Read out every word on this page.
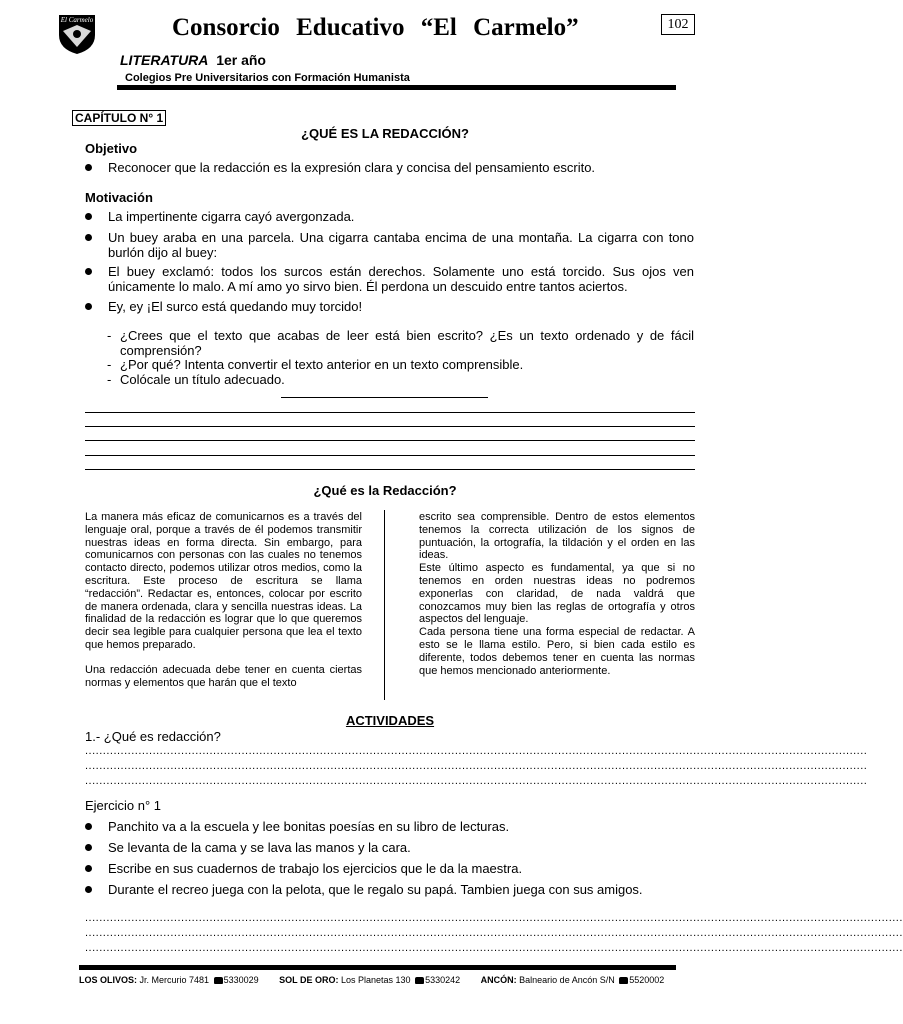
El Carmelo	Consorcio Educativo “El Carmelo”	102
LITERATURA 1er año
Colegios Pre Universitarios con Formación Humanista
CAPÍTULO N° 1
¿QUÉ ES LA REDACCIÓN?
Objetivo
Reconocer que la redacción es la expresión clara y concisa del pensamiento escrito.
Motivación
La impertinente cigarra cayó avergonzada.
Un buey araba en una parcela. Una cigarra cantaba encima de una montaña. La cigarra con tono burlón dijo al buey:
El buey exclamó: todos los surcos están derechos. Solamente uno está torcido. Sus ojos ven únicamente lo malo. A mí amo yo sirvo bien. Él perdona un descuido entre tantos aciertos.
Ey, ey ¡El surco está quedando muy torcido!
- ¿Crees que el texto que acabas de leer está bien escrito? ¿Es un texto ordenado y de fácil comprensión?
- ¿Por qué? Intenta convertir el texto anterior en un texto comprensible.
- Colócale un título adecuado.
¿Qué es la Redacción?

La manera más eficaz de comunicarnos es a través del lenguaje oral, porque a través de él podemos transmitir nuestras ideas en forma directa. Sin embargo, para comunicarnos con personas con las cuales no tenemos contacto directo, podemos utilizar otros medios, como la escritura. Este proceso de escritura se llama “redacción”. Redactar es, entonces, colocar por escrito de manera ordenada, clara y sencilla nuestras ideas. La finalidad de la redacción es lograr que lo que queremos decir sea legible para cualquier persona que lea el texto que hemos preparado.

Una redacción adecuada debe tener en cuenta ciertas normas y elementos que harán que el texto

escrito sea comprensible. Dentro de estos elementos tenemos la correcta utilización de los signos de puntuación, la ortografía, la tildación y el orden en las ideas.

Este último aspecto es fundamental, ya que si no tenemos en orden nuestras ideas no podremos exponerlas con claridad, de nada valdrá que conozcamos muy bien las reglas de ortografía y otros aspectos del lenguaje.

Cada persona tiene una forma especial de redactar. A esto se le llama estilo. Pero, si bien cada estilo es diferente, todos debemos tener en cuenta las normas que hemos mencionado anteriormente.

ACTIVIDADES
1.- ¿Qué es redacción?
............................................................................................................................................................................................................................
............................................................................................................................................................................................................................
............................................................................................................................................................................................................................
Ejercicio n° 1
Panchito va a la escuela y lee bonitas poesías en su libro de lecturas.
Se levanta de la cama y se lava las manos y la cara.
Escribe en sus cuadernos de trabajo los ejercicios que le da la maestra.
Durante el recreo juega con la pelota, que le regalo su papá. Tambien juega con sus amigos.
......................................................................................................................................................................................................................................
......................................................................................................................................................................................................................................
......................................................................................................................................................................................................................................
LOS OLIVOS: Jr. Mercurio 7481 5330029 SOL DE ORO: Los Planetas 130 5330242 ANCÓN: Balneario de Ancón S/N 5520002
